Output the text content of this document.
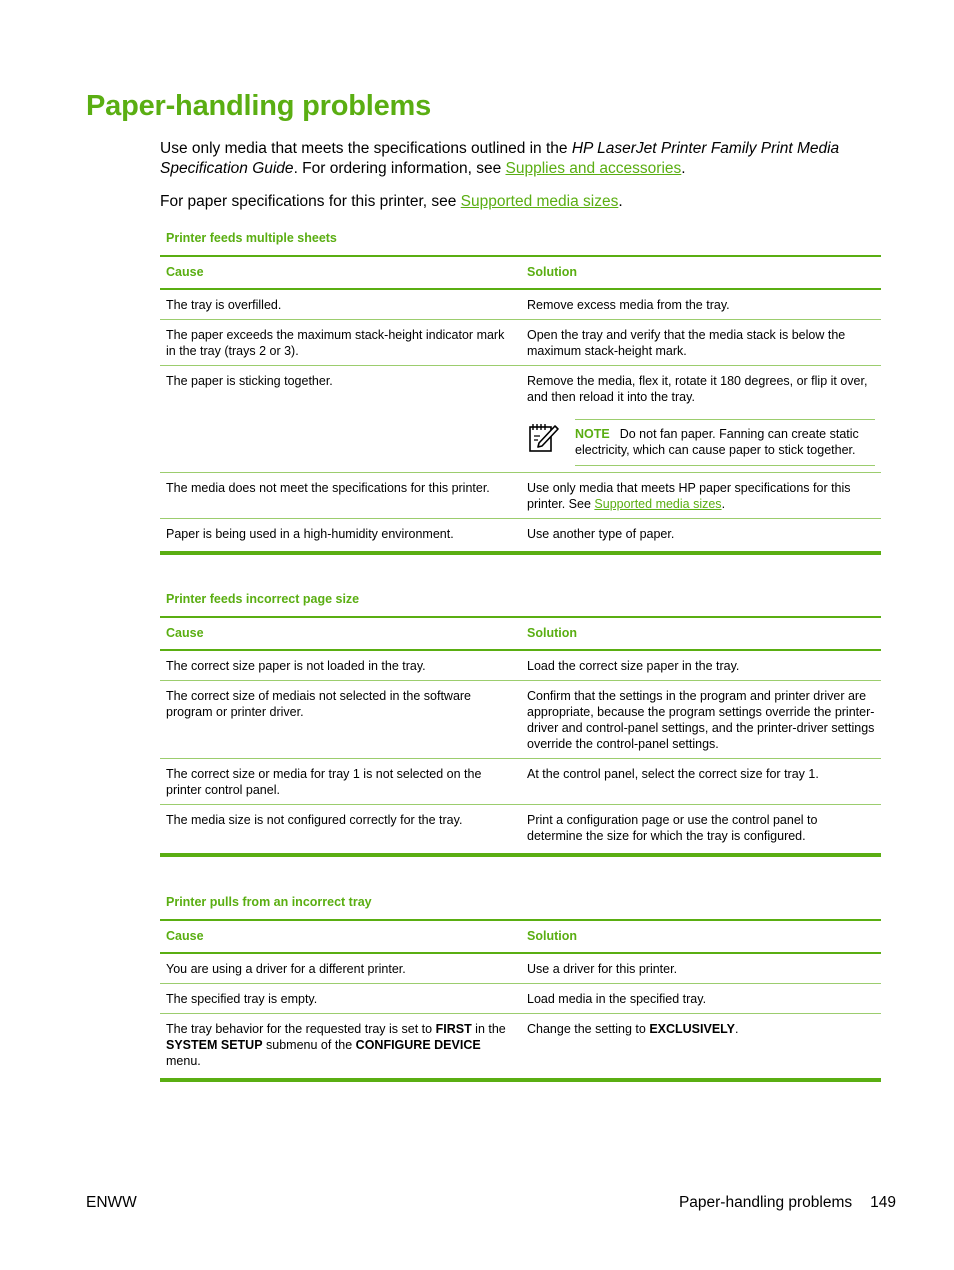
Paper-handling problems

Use only media that meets the specifications outlined in the HP LaserJet Printer Family Print Media Specification Guide. For ordering information, see Supplies and accessories.

For paper specifications for this printer, see Supported media sizes.

Printer feeds multiple sheets
Cause	Solution
The tray is overfilled.	Remove excess media from the tray.
The paper exceeds the maximum stack-height indicator mark in the tray (trays 2 or 3).	Open the tray and verify that the media stack is below the maximum stack-height mark.
The paper is sticking together.	Remove the media, flex it, rotate it 180 degrees, or flip it over, and then reload it into the tray.
NOTE Do not fan paper. Fanning can create static electricity, which can cause paper to stick together.

The media does not meet the specifications for this printer.	Use only media that meets HP paper specifications for this printer. See Supported media sizes.
Paper is being used in a high-humidity environment.	Use another type of paper.
Printer feeds incorrect page size
Cause	Solution
The correct size paper is not loaded in the tray.	Load the correct size paper in the tray.
The correct size of mediais not selected in the software program or printer driver.	Confirm that the settings in the program and printer driver are appropriate, because the program settings override the printer-driver and control-panel settings, and the printer-driver settings override the control-panel settings.
The correct size or media for tray 1 is not selected on the printer control panel.	At the control panel, select the correct size for tray 1.
The media size is not configured correctly for the tray.	Print a configuration page or use the control panel to determine the size for which the tray is configured.
Printer pulls from an incorrect tray
Cause	Solution
You are using a driver for a different printer.	Use a driver for this printer.
The specified tray is empty.	Load media in the specified tray.
The tray behavior for the requested tray is set to FIRST in the SYSTEM SETUP submenu of the CONFIGURE DEVICE menu.	Change the setting to EXCLUSIVELY.
ENWW	Paper-handling problems 149
